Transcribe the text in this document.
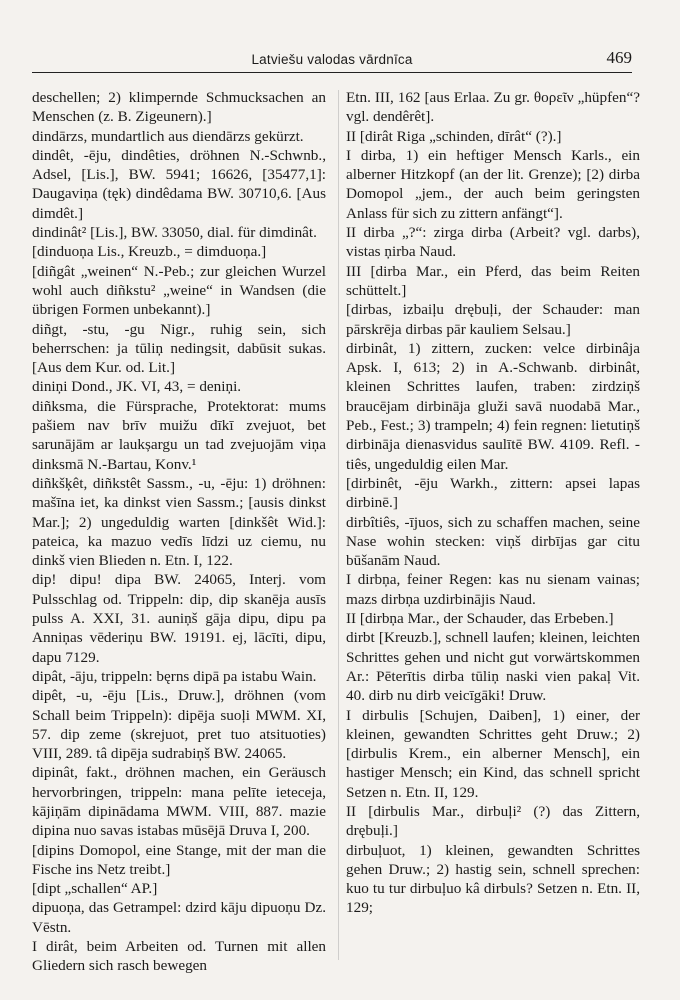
Latviešu valodas vārdnīca	469

deschellen; 2) klimpernde Schmucksachen an Menschen (z. B. Zigeunern).]

dindārzs, mundartlich aus diendārzs gekürzt.

dindêt, -ēju, dindêties, dröhnen N.-Schwnb., Adsel, [Lis.], BW. 5941; 16626, [35477,1]: Daugaviņa (tęk) dindêdama BW. 30710,6. [Aus dimdêt.]

dindinât² [Lis.], BW. 33050, dial. für dimdinât.

[dinduoņa Lis., Kreuzb., = dimduoņa.]

[diñgât „weinen“ N.-Peb.; zur gleichen Wurzel wohl auch diñkstu² „weine“ in Wandsen (die übrigen Formen unbekannt).]

diñgt, -stu, -gu Nigr., ruhig sein, sich beherrschen: ja tūliņ nedingsit, dabūsit sukas. [Aus dem Kur. od. Lit.]

diniņi Dond., JK. VI, 43, = deniņi.

diñksma, die Fürsprache, Protektorat: mums pašiem nav brīv muižu dīkī zvejuot, bet sarunājām ar laukșargu un tad zvejuojām viņa dinksmā N.-Bartau, Konv.¹

diñkšķêt, diñkstêt Sassm., -u, -ēju: 1) dröhnen: mašīna iet, ka dinkst vien Sassm.; [ausis dinkst Mar.]; 2) ungeduldig warten [dinkšêt Wid.]: pateica, ka mazuo vedīs līdzi uz ciemu, nu dinkš vien Blieden n. Etn. I, 122.

dip! dipu! dipa BW. 24065, Interj. vom Pulsschlag od. Trippeln: dip, dip skanēja ausīs pulss A. XXI, 31. auniņš gāja dipu, dipu pa Anniņas vēderiņu BW. 19191. ej, lācīti, dipu, dapu 7129.

dipât, -āju, trippeln: bęrns dipā pa istabu Wain.

dipêt, -u, -ēju [Lis., Druw.], dröhnen (vom Schall beim Trippeln): dipēja suoļi MWM. XI, 57. dip zeme (skrejuot, pret tuo atsituoties) VIII, 289. tâ dipēja sudrabiņš BW. 24065.

dipinât, fakt., dröhnen machen, ein Geräusch hervorbringen, trippeln: mana pelīte ieteceja, kājiņām dipinādama MWM. VIII, 887. mazie dipina nuo savas istabas mūsējā Druva I, 200.

[dipins Domopol, eine Stange, mit der man die Fische ins Netz treibt.]

[dipt „schallen“ AP.]

dipuoņa, das Getrampel: dzird kāju dipuoņu Dz. Vēstn.

I dirât, beim Arbeiten od. Turnen mit allen Gliedern sich rasch bewegen

Etn. III, 162 [aus Erlaa. Zu gr. θορεῖν „hüpfen“? vgl. dendêrêt].

II [dirât Riga „schinden, dīrât“ (?).]

I dirba, 1) ein heftiger Mensch Karls., ein alberner Hitzkopf (an der lit. Grenze); [2) dirba Domopol „jem., der auch beim geringsten Anlass für sich zu zittern anfängt“].

II dirba „?“: zirga dirba (Arbeit? vgl. darbs), vistas ņirba Naud.

III [dirba Mar., ein Pferd, das beim Reiten schüttelt.]

[dirbas, izbaiļu drębuļi, der Schauder: man pārskrēja dirbas pār kauliem Selsau.]

dirbinât, 1) zittern, zucken: velce dirbinâja Apsk. I, 613; 2) in A.-Schwanb. dirbinât, kleinen Schrittes laufen, traben: zirdziņš braucējam dirbināja gluži savā nuodabā Mar., Peb., Fest.; 3) trampeln; 4) fein regnen: lietutiņš dirbināja dienasvidus saulītē BW. 4109. Refl. -tiês, ungeduldig eilen Mar.

[dirbinêt, -ēju Warkh., zittern: apsei lapas dirbinē.]

dirbîtiês, -ījuos, sich zu schaffen machen, seine Nase wohin stecken: viņš dirbījas gar citu būšanām Naud.

I dirbņa, feiner Regen: kas nu sienam vainas; mazs dirbņa uzdirbinājis Naud.

II [dirbņa Mar., der Schauder, das Erbeben.]

dirbt [Kreuzb.], schnell laufen; kleinen, leichten Schrittes gehen und nicht gut vorwärtskommen Ar.: Pēterītis dirba tūliņ naski vien pakaļ Vit. 40. dirb nu dirb veicīgāki! Druw.

I dirbulis [Schujen, Daiben], 1) einer, der kleinen, gewandten Schrittes geht Druw.; 2) [dirbulis Krem., ein alberner Mensch], ein hastiger Mensch; ein Kind, das schnell spricht Setzen n. Etn. II, 129.

II [dirbulis Mar., dirbuļi² (?) das Zittern, drębuļi.]

dirbuļuot, 1) kleinen, gewandten Schrittes gehen Druw.; 2) hastig sein, schnell sprechen: kuo tu tur dirbuļuo kâ dirbuls? Setzen n. Etn. II, 129;
